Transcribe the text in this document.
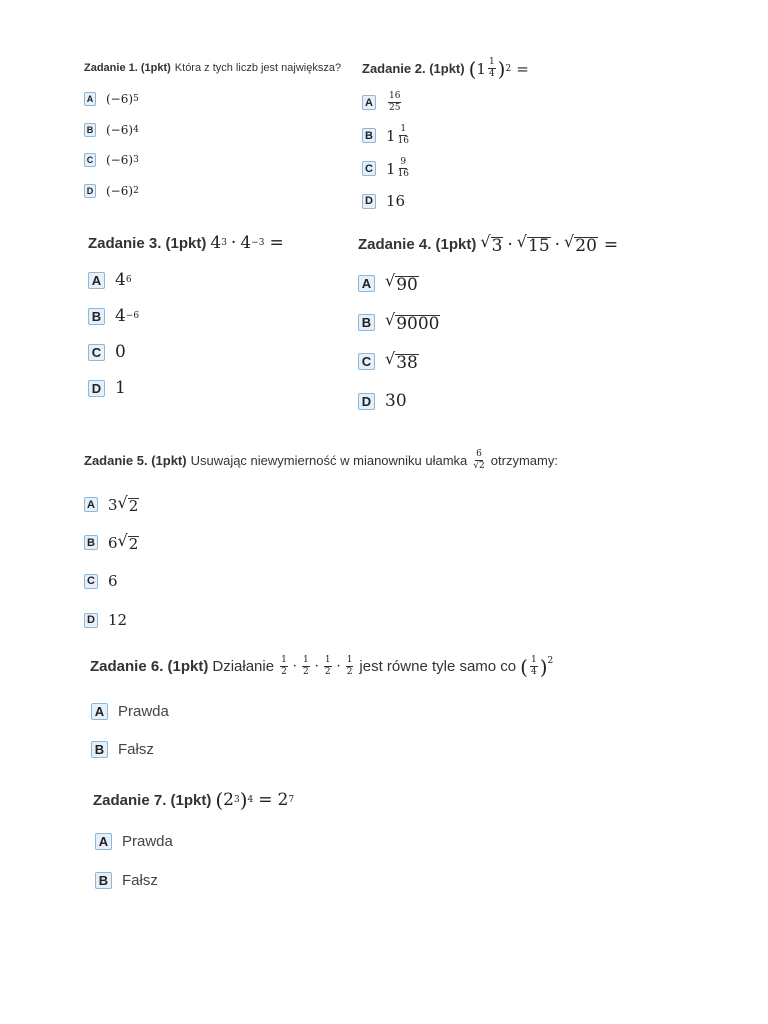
Zadanie 1. (1pkt) Która z tych liczb jest największa?
A (−6) 5
B (−6) 4
C (−6) 3
D (−6) 2
Zadanie 2. (1pkt) ( $1 \frac{1}{4}$ ) 2 =
A	$\frac{16}{25}$
B $1 \frac{1}{16}$
C $1 \frac{9}{16}$
D 16
Zadanie 3. (1pkt) 4 3 · 4 −3 =
A 4 6
B 4 −6
C 0
D 1
Zadanie 4. (1pkt) √ 3 · √ 15 · √ 20 =
A √ 90
B √ 9000
C √ 38
D 30
Zadanie 5. (1pkt) Usuwając niewymierność w mianowniku ułamka $\frac{6}{√2}$ otrzymamy:
A 3 √ 2
B 6 √ 2
C 6
D 12
Zadanie 6. (1pkt) Działanie $\frac{1}{2} \cdot \frac{1}{2} \cdot \frac{1}{2} \cdot \frac{1}{2}$ jest równe tyle samo co ( $\frac{1}{4} )^2$
A Prawda
B Fałsz
Zadanie 7. (1pkt) ( 2 3 ) 4 = 2 7
A Prawda
B Fałsz
